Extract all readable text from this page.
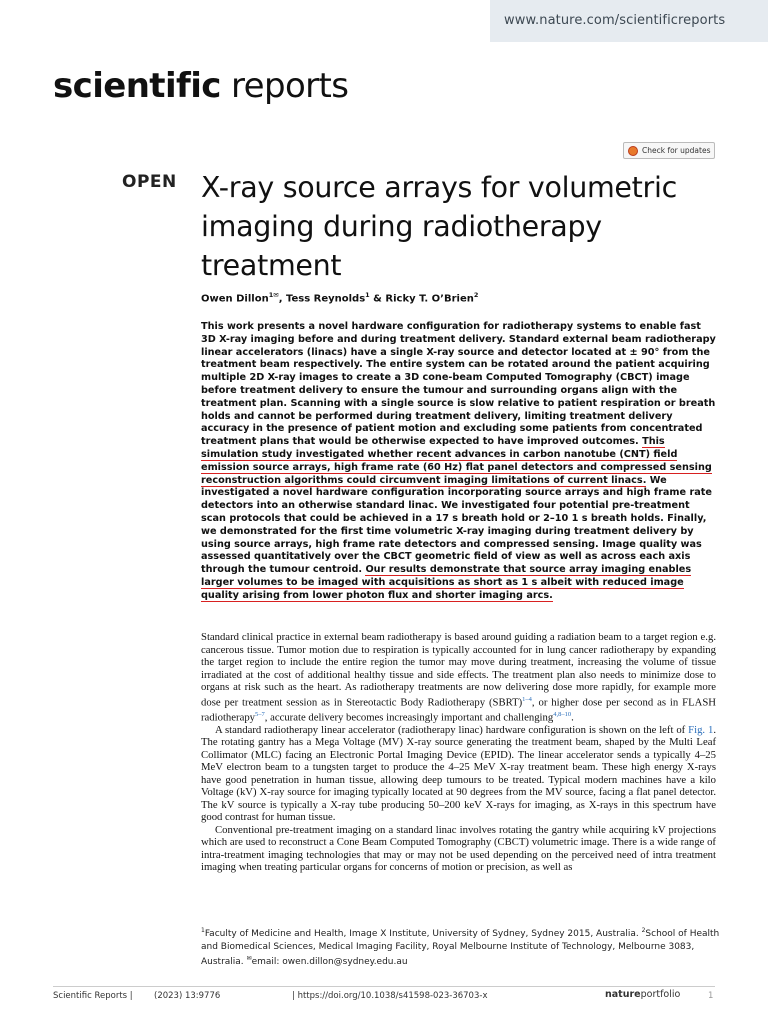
www.nature.com/scientificreports
scientific reports
Check for updates
OPEN X-ray source arrays for volumetric imaging during radiotherapy treatment
Owen Dillon$^{1✉}$, Tess Reynolds$^1$ & Ricky T. O’Brien$^2$

This work presents a novel hardware configuration for radiotherapy systems to enable fast 3D X-ray imaging before and during treatment delivery. Standard external beam radiotherapy linear accelerators (linacs) have a single X-ray source and detector located at ± 90° from the treatment beam respectively. The entire system can be rotated around the patient acquiring multiple 2D X-ray images to create a 3D cone-beam Computed Tomography (CBCT) image before treatment delivery to ensure the tumour and surrounding organs align with the treatment plan. Scanning with a single source is slow relative to patient respiration or breath holds and cannot be performed during treatment delivery, limiting treatment delivery accuracy in the presence of patient motion and excluding some patients from concentrated treatment plans that would be otherwise expected to have improved outcomes. This simulation study investigated whether recent advances in carbon nanotube (CNT) field emission source arrays, high frame rate (60 Hz) flat panel detectors and compressed sensing reconstruction algorithms could circumvent imaging limitations of current linacs. We investigated a novel hardware configuration incorporating source arrays and high frame rate detectors into an otherwise standard linac. We investigated four potential pre-treatment scan protocols that could be achieved in a 17 s breath hold or 2–10 1 s breath holds. Finally, we demonstrated for the first time volumetric X-ray imaging during treatment delivery by using source arrays, high frame rate detectors and compressed sensing. Image quality was assessed quantitatively over the CBCT geometric field of view as well as across each axis through the tumour centroid. Our results demonstrate that source array imaging enables larger volumes to be imaged with acquisitions as short as 1 s albeit with reduced image quality arising from lower photon flux and shorter imaging arcs.

Standard clinical practice in external beam radiotherapy is based around guiding a radiation beam to a target region e.g. cancerous tissue. Tumor motion due to respiration is typically accounted for in lung cancer radiotherapy by expanding the target region to include the entire region the tumor may move during treatment, increasing the volume of tissue irradiated at the cost of additional healthy tissue and side effects. The treatment plan also needs to minimize dose to organs at risk such as the heart. As radiotherapy treatments are now delivering dose more rapidly, for example more dose per treatment session as in Stereotactic Body Radiotherapy (SBRT)$^{1-4}$, or higher dose per second as in FLASH radiotherapy$^{5-7}$, accurate delivery becomes increasingly important and challenging$^{4,8-10}$.

A standard radiotherapy linear accelerator (radiotherapy linac) hardware configuration is shown on the left of Fig. 1. The rotating gantry has a Mega Voltage (MV) X-ray source generating the treatment beam, shaped by the Multi Leaf Collimator (MLC) facing an Electronic Portal Imaging Device (EPID). The linear accelerator sends a typically 4–25 MeV electron beam to a tungsten target to produce the 4–25 MeV X-ray treatment beam. These high energy X-rays have good penetration in human tissue, allowing deep tumours to be treated. Typical modern machines have a kilo Voltage (kV) X-ray source for imaging typically located at 90 degrees from the MV source, facing a flat panel detector. The kV source is typically a X-ray tube producing 50–200 keV X-rays for imaging, as X-rays in this spectrum have good contrast for human tissue.

Conventional pre-treatment imaging on a standard linac involves rotating the gantry while acquiring kV projections which are used to reconstruct a Cone Beam Computed Tomography (CBCT) volumetric image. There is a wide range of intra-treatment imaging technologies that may or may not be used depending on the perceived need of intra treatment imaging when treating particular organs for concerns of motion or precision, as well as

$^1$Faculty of Medicine and Health, Image X Institute, University of Sydney, Sydney 2015, Australia. $^2$School of Health and Biomedical Sciences, Medical Imaging Facility, Royal Melbourne Institute of Technology, Melbourne 3083, Australia. ✉email: owen.dillon@sydney.edu.au
Scientific Reports |	(2023) 13:9776	| https://doi.org/10.1038/s41598-023-36703-x	natureportfolio	1
